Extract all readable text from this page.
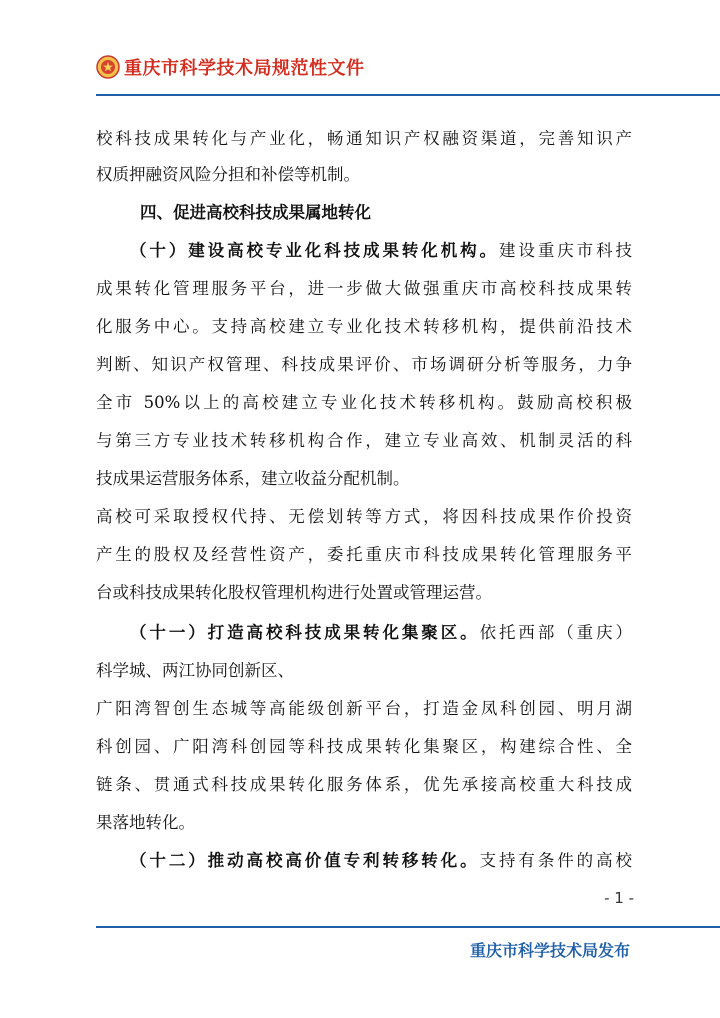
重庆市科学技术局规范性文件
校科技成果转化与产业化，畅通知识产权融资渠道，完善知识产
权质押融资风险分担和补偿等机制。
四、促进高校科技成果属地转化
（十）建设高校专业化科技成果转化机构。建设重庆市科技
成果转化管理服务平台，进一步做大做强重庆市高校科技成果转
化服务中心。支持高校建立专业化技术转移机构，提供前沿技术
判断、知识产权管理、科技成果评价、市场调研分析等服务，力争
全市 50%以上的高校建立专业化技术转移机构。鼓励高校积极
与第三方专业技术转移机构合作，建立专业高效、机制灵活的科
技成果运营服务体系，建立收益分配机制。
高校可采取授权代持、无偿划转等方式，将因科技成果作价投资
产生的股权及经营性资产，委托重庆市科技成果转化管理服务平
台或科技成果转化股权管理机构进行处置或管理运营。
（十一）打造高校科技成果转化集聚区。依托西部（重庆）
科学城、两江协同创新区、
广阳湾智创生态城等高能级创新平台，打造金凤科创园、明月湖
科创园、广阳湾科创园等科技成果转化集聚区，构建综合性、全
链条、贯通式科技成果转化服务体系，优先承接高校重大科技成
果落地转化。
（十二）推动高校高价值专利转移转化。支持有条件的高校
- 1 -
重庆市科学技术局发布
